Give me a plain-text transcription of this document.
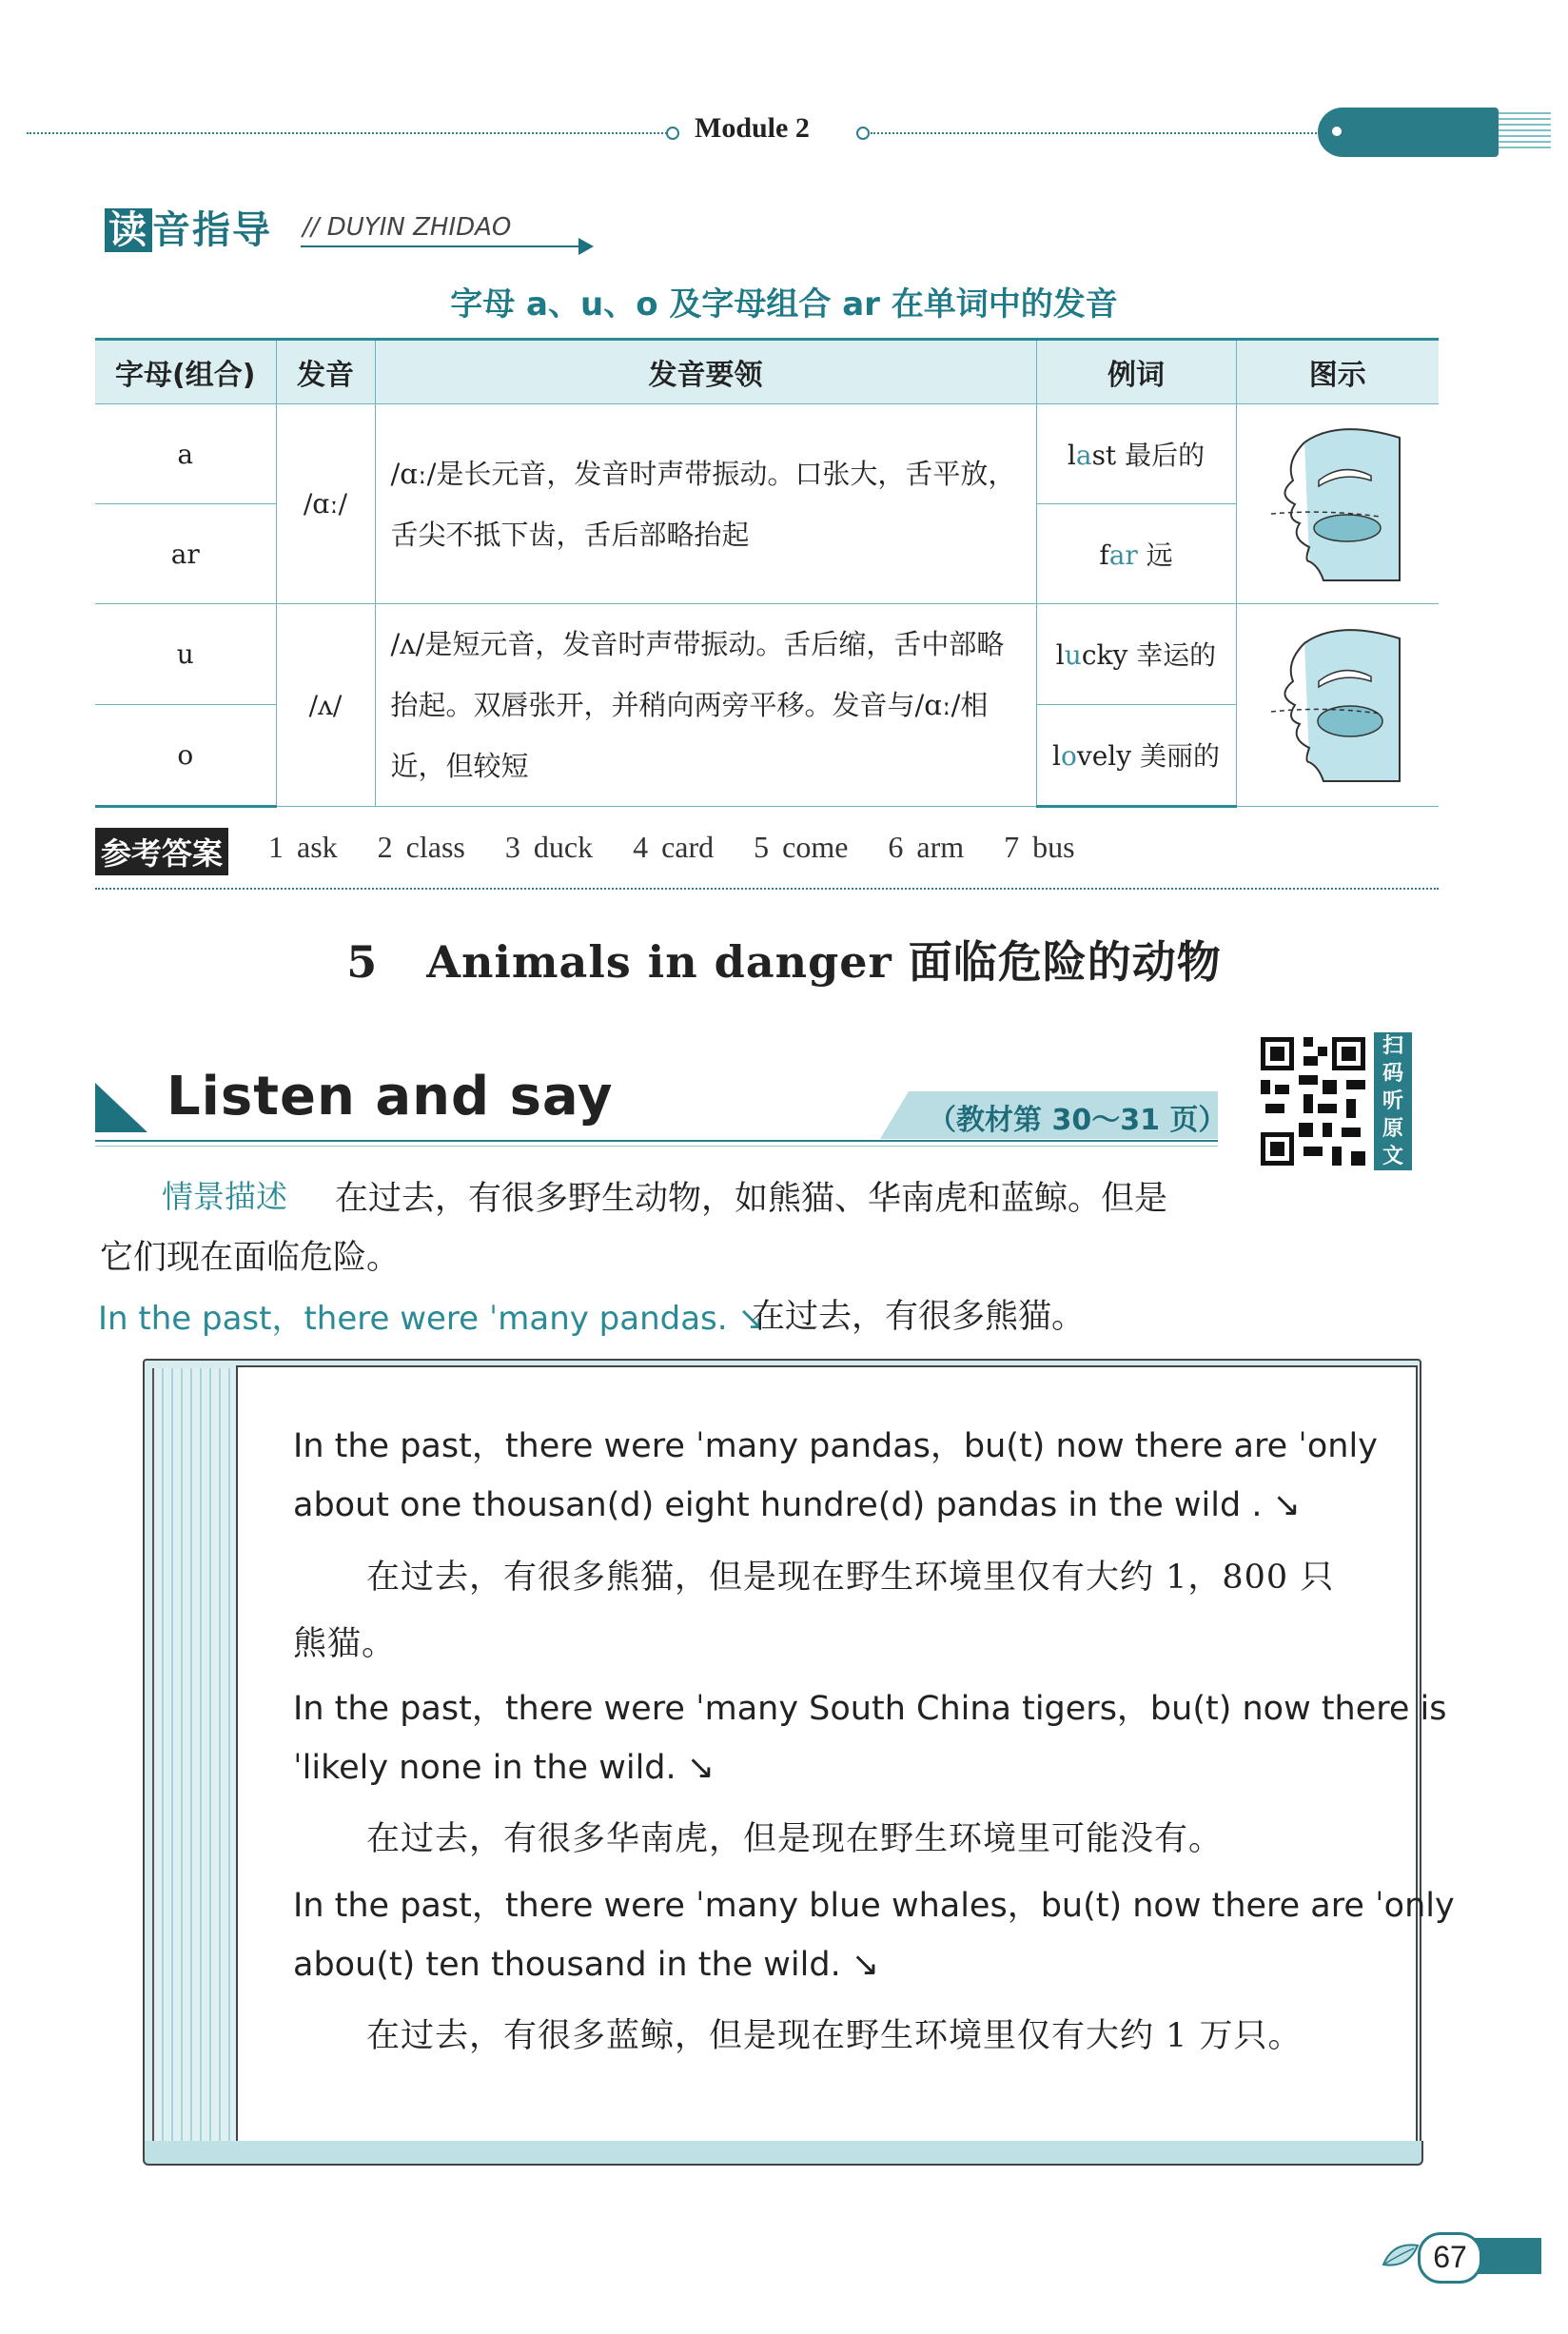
Module 2
读 音指导 // DUYIN ZHIDAO
字母 a、u、o 及字母组合 ar 在单词中的发音
字母(组合)	发音	发音要领	例词	图示
a	/ɑː/	/ɑː/是长元音，发音时声带振动。口张大，舌平放，舌尖不抵下齿，舌后部略抬起	last 最后的	

ar			far 远	
u	/ʌ/	/ʌ/是短元音，发音时声带振动。舌后缩，舌中部略抬起。双唇张开，并稍向两旁平移。发音与/ɑː/相近，但较短	lucky 幸运的	

o			lovely 美丽的	
参考答案 1 ask   2 class   3 duck   4 card   5 come   6 arm   7 bus
5   Animals in danger 面临危险的动物
Listen and say	（教材第 30～31 页）
扫码听原文
情景描述 在过去，有很多野生动物，如熊猫、华南虎和蓝鲸。但是
它们现在面临危险。
In the past，there were ˈmany pandas. ↘
在过去，有很多熊猫。
In the past，there were ˈmany pandas，bu(t) now there are ˈonly
about one thousan(d) eight hundre(d) pandas in the wild . ↘
在过去，有很多熊猫，但是现在野生环境里仅有大约 1，800 只
熊猫。
In the past，there were ˈmany South China tigers，bu(t) now there is
ˈlikely none in the wild. ↘
在过去，有很多华南虎，但是现在野生环境里可能没有。
In the past，there were ˈmany blue whales，bu(t) now there are ˈonly
abou(t) ten thousand in the wild. ↘
在过去，有很多蓝鲸，但是现在野生环境里仅有大约 1 万只。
67
